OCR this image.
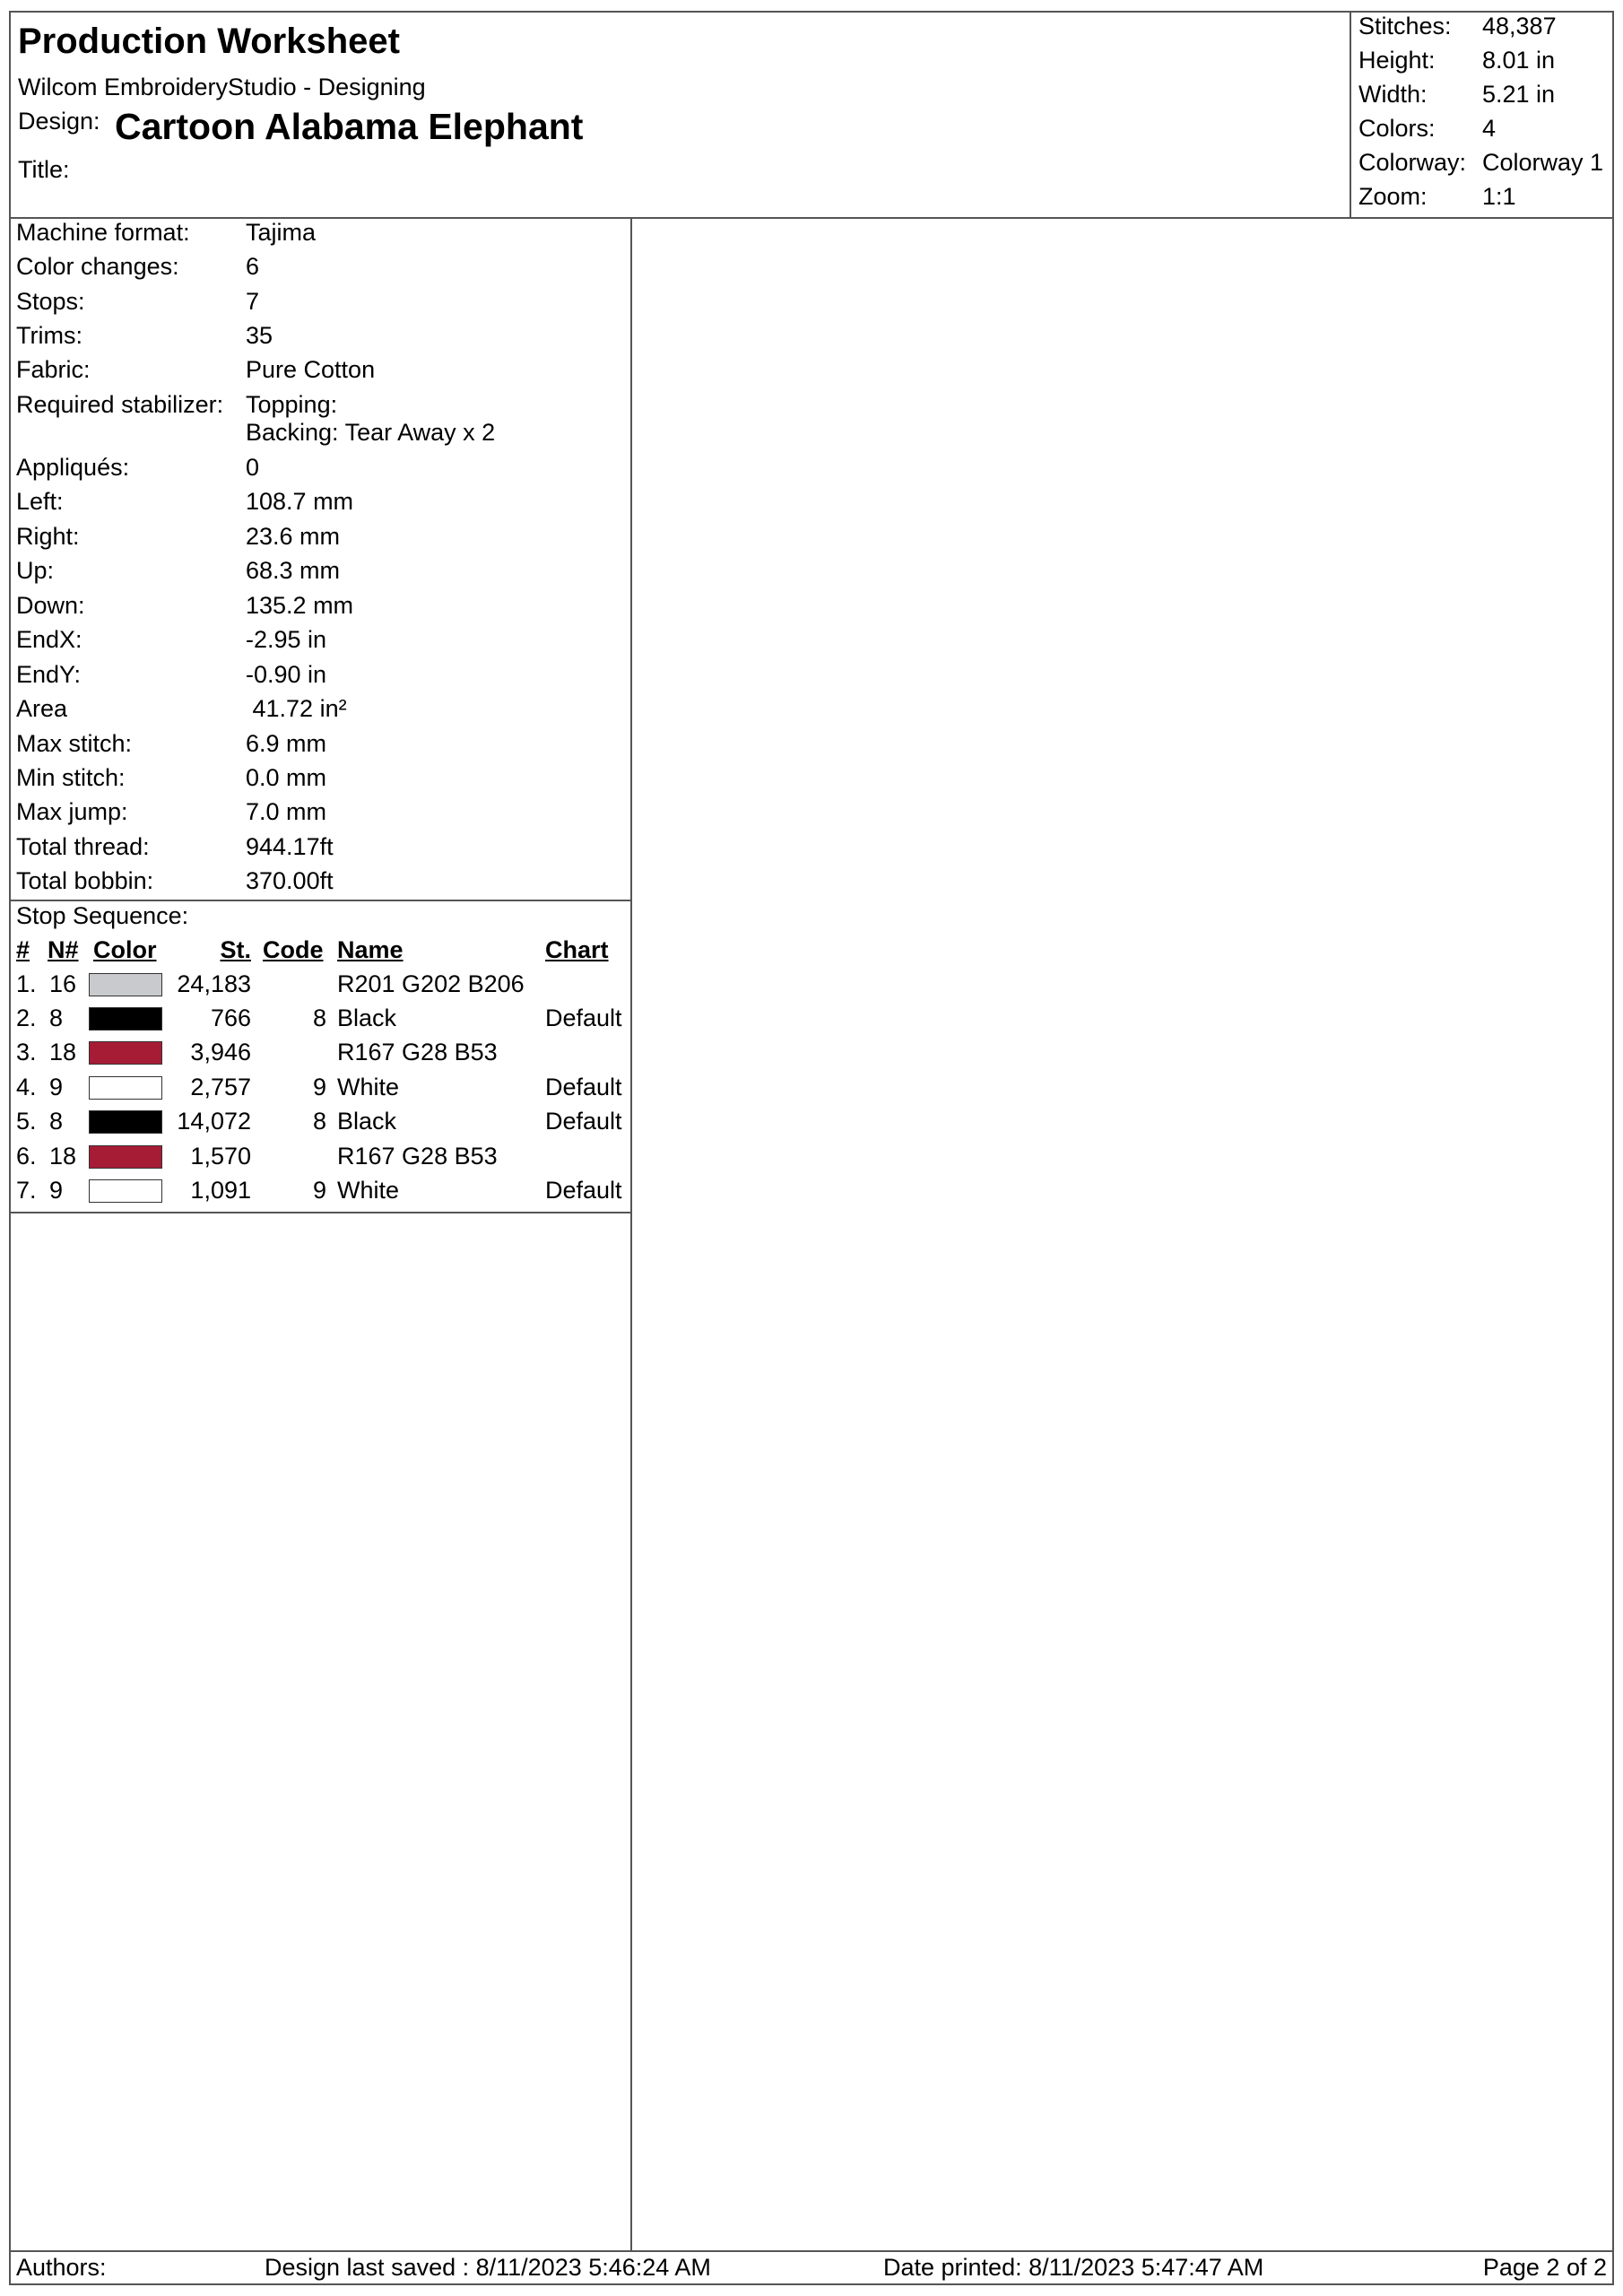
Production Worksheet
Wilcom EmbroideryStudio - Designing
Design: Cartoon Alabama Elephant
Title:
Stitches: 48,387
Height: 8.01 in
Width: 5.21 in
Colors: 4
Colorway: Colorway 1
Zoom: 1:1
Machine format: Tajima
Color changes:	6
Stops:	7
Trims:	35
Fabric:	Pure Cotton
Required stabilizer: Topping:
Backing: Tear Away x 2
Appliqués:	0
Left:	108.7 mm
Right:	23.6 mm
Up:	68.3 mm
Down:	135.2 mm
EndX:	-2.95 in
EndY:	-0.90 in
Area	41.72 in²
Max stitch:	6.9 mm
Min stitch:	0.0 mm
Max jump:	7.0 mm
Total thread:	944.17ft
Total bobbin:	370.00ft
Stop Sequence:
# N# Color	St. Code Name	Chart
1. 16	24,183	R201 G202 B206
2. 8	766	8 Black	Default
3. 18	3,946	R167 G28 B53
4. 9	2,757	9 White	Default
5. 8	14,072	8 Black	Default
6. 18	1,570	R167 G28 B53
7. 9	1,091	9 White	Default
Authors:	Design last saved : 8/11/2023 5:46:24 AM	Date printed: 8/11/2023 5:47:47 AM	Page 2 of 2
